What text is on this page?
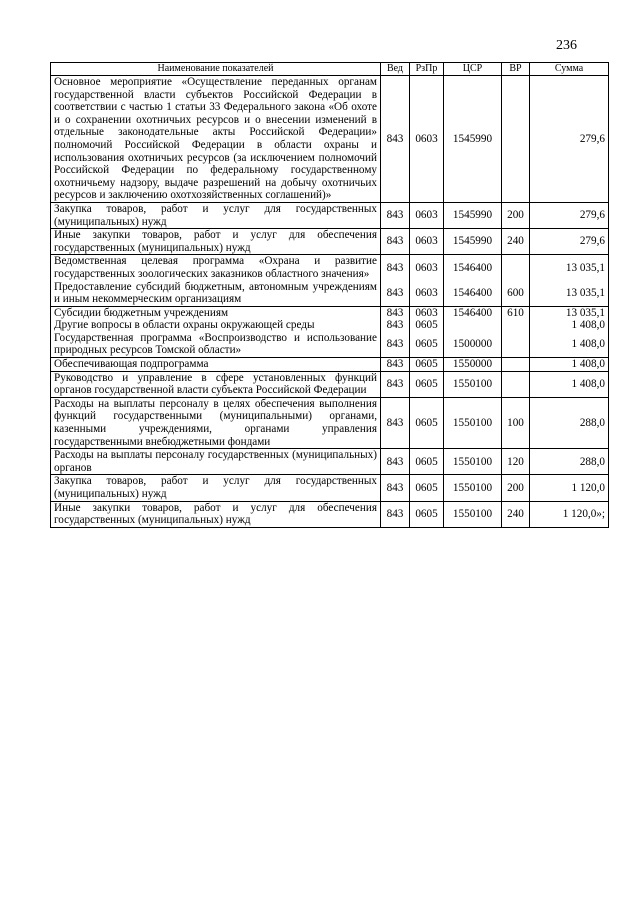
236
Наименование показателей	Вед	РзПр	ЦСР	ВР	Сумма
Основное мероприятие «Осуществление переданных органам государственной власти субъектов Российской Федерации в соответствии с частью 1 статьи 33 Федерального закона «Об охоте и о сохранении охотничьих ресурсов и о внесении изменений в отдельные законодательные акты Российской Федерации» полномочий Российской Федерации в области охраны и использования охотничьих ресурсов (за исключением полномочий Российской Федерации по федеральному государственному охотничьему надзору, выдаче разрешений на добычу охотничьих ресурсов и заключению охотхозяйственных соглашений)»	843	0603	1545990		279,6
Закупка товаров, работ и услуг для государственных (муниципальных) нужд	843	0603	1545990	200	279,6
Иные закупки товаров, работ и услуг для обеспечения государственных (муниципальных) нужд	843	0603	1545990	240	279,6
Ведомственная целевая программа «Охрана и развитие государственных зоологических заказников областного значения»	843	0603	1546400		13 035,1
Предоставление субсидий бюджетным, автономным учреждениям и иным некоммерческим организациям	843	0603	1546400	600	13 035,1
Субсидии бюджетным учреждениям	843	0603	1546400	610	13 035,1
Другие вопросы в области охраны окружающей среды	843	0605			1 408,0
Государственная программа «Воспроизводство и использование природных ресурсов Томской области»	843	0605	1500000		1 408,0
Обеспечивающая подпрограмма	843	0605	1550000		1 408,0
Руководство и управление в сфере установленных функций органов государственной власти субъекта Российской Федерации	843	0605	1550100		1 408,0
Расходы на выплаты персоналу в целях обеспечения выполнения функций государственными (муниципальными) органами, казенными учреждениями, органами управления государственными внебюджетными фондами	843	0605	1550100	100	288,0
Расходы на выплаты персоналу государственных (муниципальных) органов	843	0605	1550100	120	288,0
Закупка товаров, работ и услуг для государственных (муниципальных) нужд	843	0605	1550100	200	1 120,0
Иные закупки товаров, работ и услуг для обеспечения государственных (муниципальных) нужд	843	0605	1550100	240	1 120,0»;
